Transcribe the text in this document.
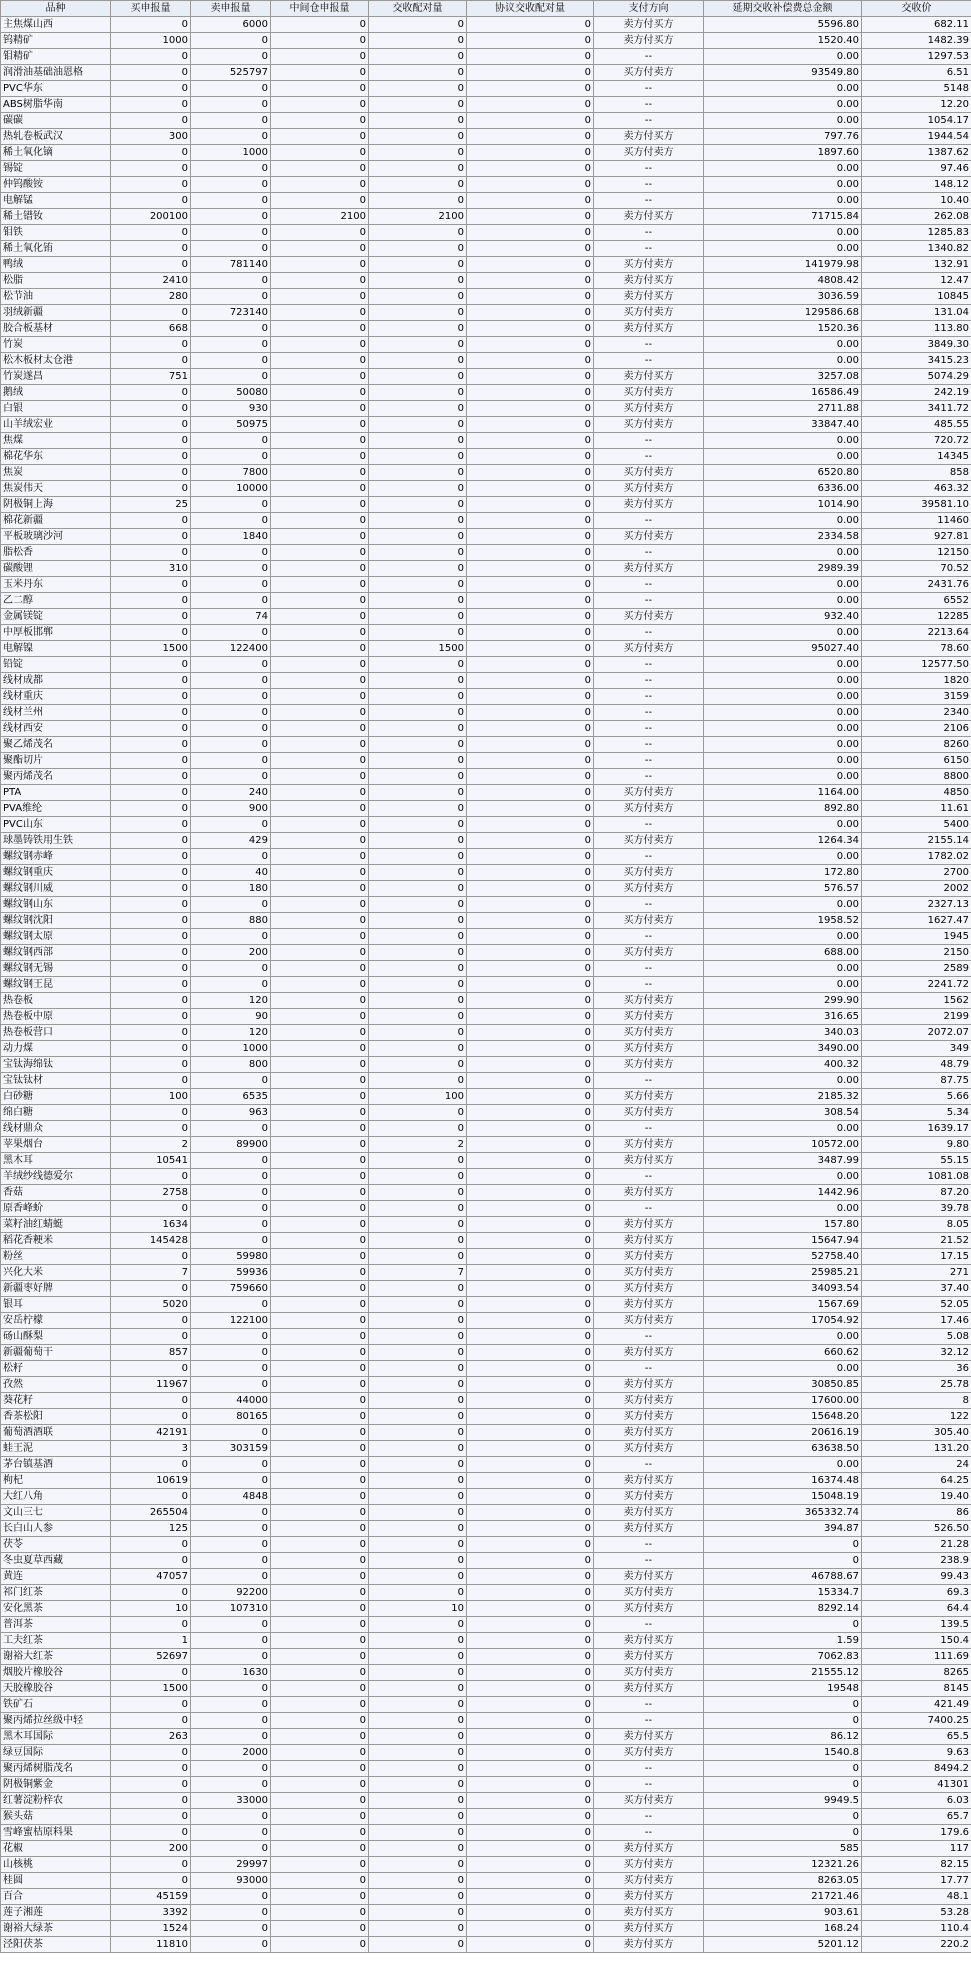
品种	买申报量	卖申报量	中间仓申报量	交收配对量	协议交收配对量	支付方向	延期交收补偿费总金额	交收价
主焦煤山西	0	6000	0	0	0	卖方付买方	5596.80	682.11
钨精矿	1000	0	0	0	0	卖方付买方	1520.40	1482.39
钼精矿	0	0	0	0	0	--	0.00	1297.53
润滑油基础油恩格	0	525797	0	0	0	买方付卖方	93549.80	6.51
PVC华东	0	0	0	0	0	--	0.00	5148
ABS树脂华南	0	0	0	0	0	--	0.00	12.20
碳碳	0	0	0	0	0	--	0.00	1054.17
热轧卷板武汉	300	0	0	0	0	卖方付买方	797.76	1944.54
稀土氧化镝	0	1000	0	0	0	买方付卖方	1897.60	1387.62
锡锭	0	0	0	0	0	--	0.00	97.46
仲钨酸铵	0	0	0	0	0	--	0.00	148.12
电解锰	0	0	0	0	0	--	0.00	10.40
稀土镨钕	200100	0	2100	2100	0	卖方付买方	71715.84	262.08
钼铁	0	0	0	0	0	--	0.00	1285.83
稀土氧化铕	0	0	0	0	0	--	0.00	1340.82
鸭绒	0	781140	0	0	0	买方付卖方	141979.98	132.91
松脂	2410	0	0	0	0	卖方付买方	4808.42	12.47
松节油	280	0	0	0	0	卖方付买方	3036.59	10845
羽绒新疆	0	723140	0	0	0	买方付卖方	129586.68	131.04
胶合板基材	668	0	0	0	0	卖方付买方	1520.36	113.80
竹炭	0	0	0	0	0	--	0.00	3849.30
松木板材太仓港	0	0	0	0	0	--	0.00	3415.23
竹炭遂昌	751	0	0	0	0	卖方付买方	3257.08	5074.29
鹅绒	0	50080	0	0	0	买方付卖方	16586.49	242.19
白银	0	930	0	0	0	买方付卖方	2711.88	3411.72
山羊绒宏业	0	50975	0	0	0	买方付卖方	33847.40	485.55
焦煤	0	0	0	0	0	--	0.00	720.72
棉花华东	0	0	0	0	0	--	0.00	14345
焦炭	0	7800	0	0	0	买方付卖方	6520.80	858
焦炭伟天	0	10000	0	0	0	买方付卖方	6336.00	463.32
阴极铜上海	25	0	0	0	0	卖方付买方	1014.90	39581.10
棉花新疆	0	0	0	0	0	--	0.00	11460
平板玻璃沙河	0	1840	0	0	0	买方付卖方	2334.58	927.81
脂松香	0	0	0	0	0	--	0.00	12150
碳酸锂	310	0	0	0	0	卖方付买方	2989.39	70.52
玉米丹东	0	0	0	0	0	--	0.00	2431.76
乙二醇	0	0	0	0	0	--	0.00	6552
金属镁锭	0	74	0	0	0	买方付卖方	932.40	12285
中厚板邯郸	0	0	0	0	0	--	0.00	2213.64
电解镍	1500	122400	0	1500	0	买方付卖方	95027.40	78.60
铅锭	0	0	0	0	0	--	0.00	12577.50
线材成都	0	0	0	0	0	--	0.00	1820
线材重庆	0	0	0	0	0	--	0.00	3159
线材兰州	0	0	0	0	0	--	0.00	2340
线材西安	0	0	0	0	0	--	0.00	2106
聚乙烯茂名	0	0	0	0	0	--	0.00	8260
聚酯切片	0	0	0	0	0	--	0.00	6150
聚丙烯茂名	0	0	0	0	0	--	0.00	8800
PTA	0	240	0	0	0	买方付卖方	1164.00	4850
PVA维纶	0	900	0	0	0	买方付卖方	892.80	11.61
PVC山东	0	0	0	0	0	--	0.00	5400
球墨铸铁用生铁	0	429	0	0	0	买方付卖方	1264.34	2155.14
螺纹钢赤峰	0	0	0	0	0	--	0.00	1782.02
螺纹钢重庆	0	40	0	0	0	买方付卖方	172.80	2700
螺纹钢川威	0	180	0	0	0	买方付卖方	576.57	2002
螺纹钢山东	0	0	0	0	0	--	0.00	2327.13
螺纹钢沈阳	0	880	0	0	0	买方付卖方	1958.52	1627.47
螺纹钢太原	0	0	0	0	0	--	0.00	1945
螺纹钢西部	0	200	0	0	0	买方付卖方	688.00	2150
螺纹钢无锡	0	0	0	0	0	--	0.00	2589
螺纹钢王昆	0	0	0	0	0	--	0.00	2241.72
热卷板	0	120	0	0	0	买方付卖方	299.90	1562
热卷板中原	0	90	0	0	0	买方付卖方	316.65	2199
热卷板营口	0	120	0	0	0	买方付卖方	340.03	2072.07
动力煤	0	1000	0	0	0	买方付卖方	3490.00	349
宝钛海绵钛	0	800	0	0	0	买方付卖方	400.32	48.79
宝钛钛材	0	0	0	0	0	--	0.00	87.75
白砂糖	100	6535	0	100	0	买方付卖方	2185.32	5.66
绵白糖	0	963	0	0	0	买方付卖方	308.54	5.34
线材鼎众	0	0	0	0	0	--	0.00	1639.17
苹果烟台	2	89900	0	2	0	买方付卖方	10572.00	9.80
黑木耳	10541	0	0	0	0	卖方付买方	3487.99	55.15
羊绒纱线德爱尔	0	0	0	0	0	--	0.00	1081.08
香菇	2758	0	0	0	0	卖方付买方	1442.96	87.20
原香峰蚧	0	0	0	0	0	--	0.00	39.78
菜籽油红蜻蜓	1634	0	0	0	0	卖方付买方	157.80	8.05
稻花香粳米	145428	0	0	0	0	卖方付买方	15647.94	21.52
粉丝	0	59980	0	0	0	买方付卖方	52758.40	17.15
兴化大米	7	59936	0	7	0	买方付卖方	25985.21	271
新疆枣好牌	0	759660	0	0	0	买方付卖方	34093.54	37.40
银耳	5020	0	0	0	0	卖方付买方	1567.69	52.05
安岳柠檬	0	122100	0	0	0	买方付卖方	17054.92	17.46
砀山酥梨	0	0	0	0	0	--	0.00	5.08
新疆葡萄干	857	0	0	0	0	卖方付买方	660.62	32.12
松籽	0	0	0	0	0	--	0.00	36
孜然	11967	0	0	0	0	卖方付买方	30850.85	25.78
葵花籽	0	44000	0	0	0	买方付卖方	17600.00	8
香茶松阳	0	80165	0	0	0	买方付卖方	15648.20	122
葡萄酒酒联	42191	0	0	0	0	卖方付买方	20616.19	305.40
蛙王泥	3	303159	0	0	0	买方付卖方	63638.50	131.20
茅台镇基酒	0	0	0	0	0	--	0.00	24
枸杞	10619	0	0	0	0	卖方付买方	16374.48	64.25
大红八角	0	4848	0	0	0	买方付卖方	15048.19	19.40
文山三七	265504	0	0	0	0	卖方付买方	365332.74	86
长白山人参	125	0	0	0	0	卖方付买方	394.87	526.50
茯苓	0	0	0	0	0	--	0	21.28
冬虫夏草西藏	0	0	0	0	0	--	0	238.9
黄连	47057	0	0	0	0	卖方付买方	46788.67	99.43
祁门红茶	0	92200	0	0	0	买方付卖方	15334.7	69.3
安化黑茶	10	107310	0	10	0	买方付卖方	8292.14	64.4
普洱茶	0	0	0	0	0	--	0	139.5
工夫红茶	1	0	0	0	0	卖方付买方	1.59	150.4
谢裕大红茶	52697	0	0	0	0	卖方付买方	7062.83	111.69
烟胶片橡胶谷	0	1630	0	0	0	买方付卖方	21555.12	8265
天胶橡胶谷	1500	0	0	0	0	卖方付买方	19548	8145
铁矿石	0	0	0	0	0	--	0	421.49
聚丙烯拉丝级中轻	0	0	0	0	0	--	0	7400.25
黑木耳国际	263	0	0	0	0	卖方付买方	86.12	65.5
绿豆国际	0	2000	0	0	0	买方付卖方	1540.8	9.63
聚丙烯树脂茂名	0	0	0	0	0	--	0	8494.2
阴极铜紫金	0	0	0	0	0	--	0	41301
红薯淀粉梓农	0	33000	0	0	0	买方付卖方	9949.5	6.03
猴头菇	0	0	0	0	0	--	0	65.7
雪峰蜜桔原料果	0	0	0	0	0	--	0	179.6
花椒	200	0	0	0	0	卖方付买方	585	117
山核桃	0	29997	0	0	0	买方付卖方	12321.26	82.15
桂圆	0	93000	0	0	0	买方付卖方	8263.05	17.77
百合	45159	0	0	0	0	卖方付买方	21721.46	48.1
莲子湘莲	3392	0	0	0	0	卖方付买方	903.61	53.28
谢裕大绿茶	1524	0	0	0	0	卖方付买方	168.24	110.4
泾阳茯茶	11810	0	0	0	0	卖方付买方	5201.12	220.2
